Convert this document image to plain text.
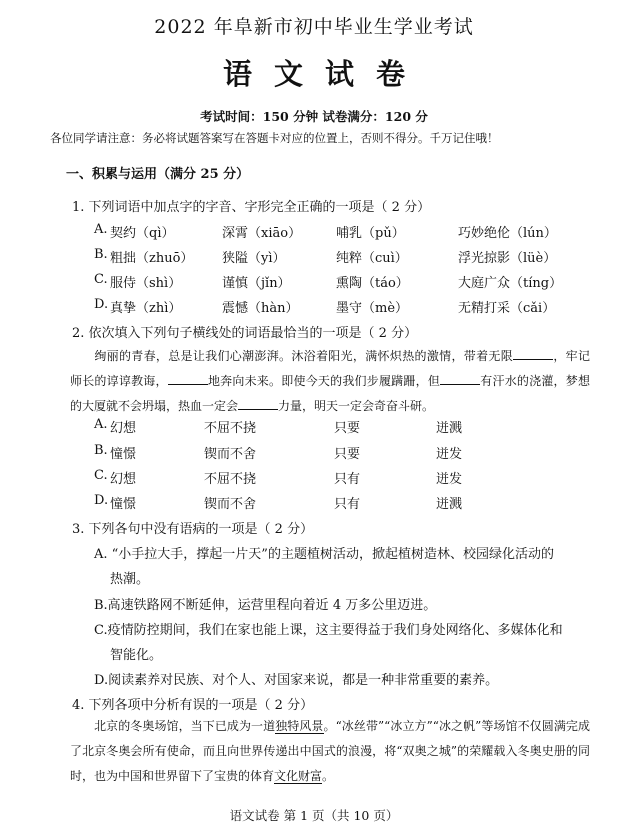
2022 年阜新市初中毕业生学业考试
语文试卷
考试时间：150 分钟 试卷满分：120 分
各位同学请注意：务必将试题答案写在答题卡对应的位置上，否则不得分。千万记住哦！
一、积累与运用（满分 25 分）
1. 下列词语中加点字的字音、字形完全正确的一项是（ 2 分）
A. 契约（qì）	深霄（xiāo）	哺乳（pǔ）	巧妙绝伦（lún）
B. 粗拙（zhuō） 狭隘（yì）	纯粹（cuì）	浮光掠影（lüè）
C. 服侍（shì）	谨慎（jǐn）	熏陶（táo）	大庭广众（tíng）
D. 真挚（zhì）	震憾（hàn）	墨守（mè）	无精打采（cǎi）
2. 依次填入下列句子横线处的词语最恰当的一项是（ 2 分）
绚丽的青春，总是让我们心潮澎湃。沐浴着阳光，满怀炽热的激情，带着无限	，牢记师长的谆谆教诲，	地奔向未来。即使今天的我们步履蹒跚，但	有汗水的浇灌，梦想的大厦就不会坍塌，热血一定会	力量，明天一定会奇奋斗研。
A. 幻想	不屈不挠	只要	迸溅
B. 憧憬	锲而不舍	只要	迸发
C. 幻想	不屈不挠	只有	迸发
D. 憧憬	锲而不舍	只有	迸溅
3. 下列各句中没有语病的一项是（ 2 分）
A. “小手拉大手，撑起一片天”的主题植树活动，掀起植树造林、校园绿化活动的
热潮。
B.高速铁路网不断延伸，运营里程向着近 4 万多公里迈进。
C.疫情防控期间，我们在家也能上课，这主要得益于我们身处网络化、多媒体化和
智能化。
D.阅读素养对民族、对个人、对国家来说，都是一种非常重要的素养。
4. 下列各项中分析有误的一项是（ 2 分）
北京的冬奥场馆，当下已成为一道独特风景。“冰丝带”“冰立方”“冰之帆”等场馆不仅圆满完成了北京冬奥会所有使命，而且向世界传递出中国式的浪漫，将“双奥之城”的荣耀载入冬奥史册的同时，也为中国和世界留下了宝贵的体育文化财富。
语文试卷 第 1 页（共 10 页）
